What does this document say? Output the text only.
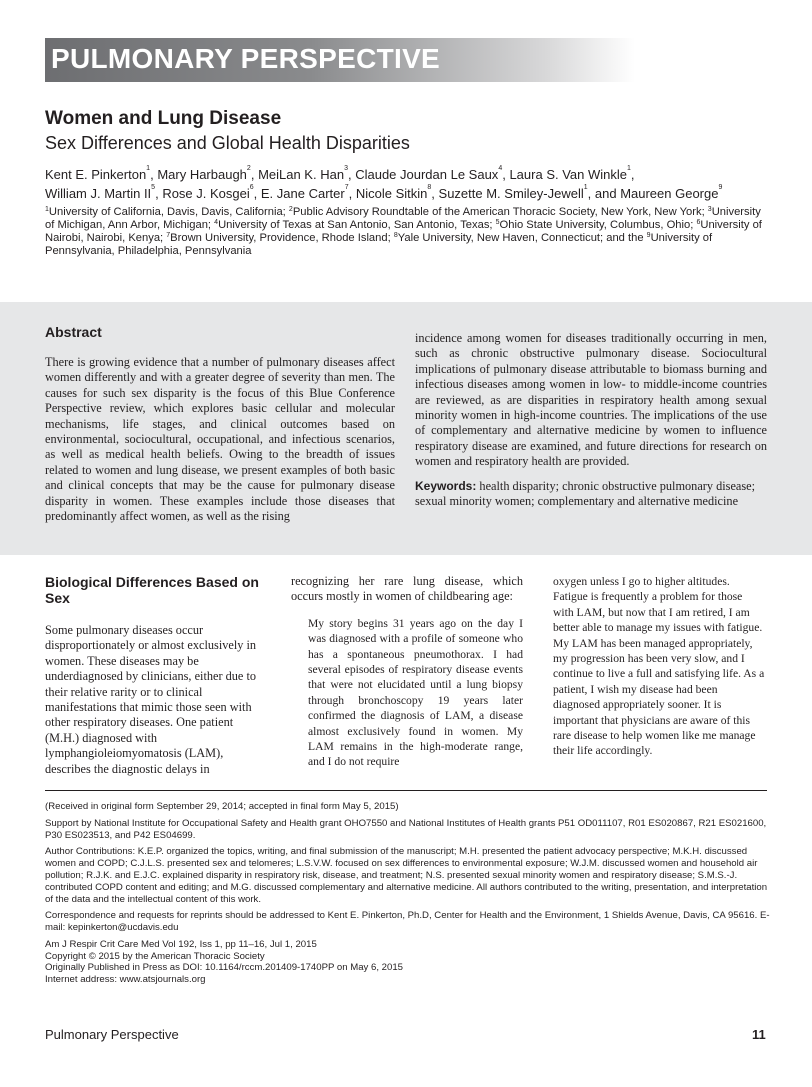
PULMONARY PERSPECTIVE
Women and Lung Disease
Sex Differences and Global Health Disparities
Kent E. Pinkerton$^1$, Mary Harbaugh$^2$, MeiLan K. Han$^3$, Claude Jourdan Le Saux$^4$, Laura S. Van Winkle$^1$,
William J. Martin $II^5$, Rose J. Kosgei$^6$, E. Jane Carter$^7$, Nicole Sitkin$^8$, Suzette M. Smiley-Jewell$^1$, and Maureen George$^9$
$^1$University of California, Davis, Davis, California; $^2$Public Advisory Roundtable of the American Thoracic Society, New York, New York; $^3$University of Michigan, Ann Arbor, Michigan; $^4$University of Texas at San Antonio, San Antonio, Texas; $^5$Ohio State University, Columbus, Ohio; $^6$University of Nairobi, Nairobi, Kenya; $^7$Brown University, Providence, Rhode Island; $^8$Yale University, New Haven, Connecticut; and the $^9$University of Pennsylvania, Philadelphia, Pennsylvania
Abstract

There is growing evidence that a number of pulmonary diseases affect women differently and with a greater degree of severity than men. The causes for such sex disparity is the focus of this Blue Conference Perspective review, which explores basic cellular and molecular mechanisms, life stages, and clinical outcomes based on environmental, sociocultural, occupational, and infectious scenarios, as well as medical health beliefs. Owing to the breadth of issues related to women and lung disease, we present examples of both basic and clinical concepts that may be the cause for pulmonary disease disparity in women. These examples include those diseases that predominantly affect women, as well as the rising

incidence among women for diseases traditionally occurring in men, such as chronic obstructive pulmonary disease. Sociocultural implications of pulmonary disease attributable to biomass burning and infectious diseases among women in low- to middle-income countries are reviewed, as are disparities in respiratory health among sexual minority women in high-income countries. The implications of the use of complementary and alternative medicine by women to influence respiratory disease are examined, and future directions for research on women and respiratory health are provided.

Keywords: health disparity; chronic obstructive pulmonary disease; sexual minority women; complementary and alternative medicine

Biological Differences Based on Sex

Some pulmonary diseases occur disproportionately or almost exclusively in women. These diseases may be underdiagnosed by clinicians, either due to their relative rarity or to clinical manifestations that mimic those seen with other respiratory diseases. One patient (M.H.) diagnosed with lymphangioleiomyomatosis (LAM), describes the diagnostic delays in

recognizing her rare lung disease, which occurs mostly in women of childbearing age:

My story begins 31 years ago on the day I was diagnosed with a profile of someone who has a spontaneous pneumothorax. I had several episodes of respiratory disease events that were not elucidated until a lung biopsy through bronchoscopy 19 years later confirmed the diagnosis of LAM, a disease almost exclusively found in women. My LAM remains in the high-moderate range, and I do not require

oxygen unless I go to higher altitudes. Fatigue is frequently a problem for those with LAM, but now that I am retired, I am better able to manage my issues with fatigue. My LAM has been managed appropriately, my progression has been very slow, and I continue to live a full and satisfying life. As a patient, I wish my disease had been diagnosed appropriately sooner. It is important that physicians are aware of this rare disease to help women like me manage their life accordingly.

(Received in original form September 29, 2014; accepted in final form May 5, 2015)

Support by National Institute for Occupational Safety and Health grant OHO7550 and National Institutes of Health grants P51 OD011107, R01 ES020867, R21 ES021600, P30 ES023513, and P42 ES04699.

Author Contributions: K.E.P. organized the topics, writing, and final submission of the manuscript; M.H. presented the patient advocacy perspective; M.K.H. discussed women and COPD; C.J.L.S. presented sex and telomeres; L.S.V.W. focused on sex differences to environmental exposure; W.J.M. discussed women and household air pollution; R.J.K. and E.J.C. explained disparity in respiratory risk, disease, and treatment; N.S. presented sexual minority women and respiratory disease; S.M.S.-J. contributed COPD content and editing; and M.G. discussed complementary and alternative medicine. All authors contributed to the writing, presentation, and interpretation of the data and the intellectual content of this work.

Correspondence and requests for reprints should be addressed to Kent E. Pinkerton, Ph.D, Center for Health and the Environment, 1 Shields Avenue, Davis, CA 95616. E-mail: kepinkerton@ucdavis.edu

Am J Respir Crit Care Med Vol 192, Iss 1, pp 11–16, Jul 1, 2015
Copyright © 2015 by the American Thoracic Society
Originally Published in Press as DOI: 10.1164/rccm.201409-1740PP on May 6, 2015
Internet address: www.atsjournals.org
Pulmonary Perspective	11
